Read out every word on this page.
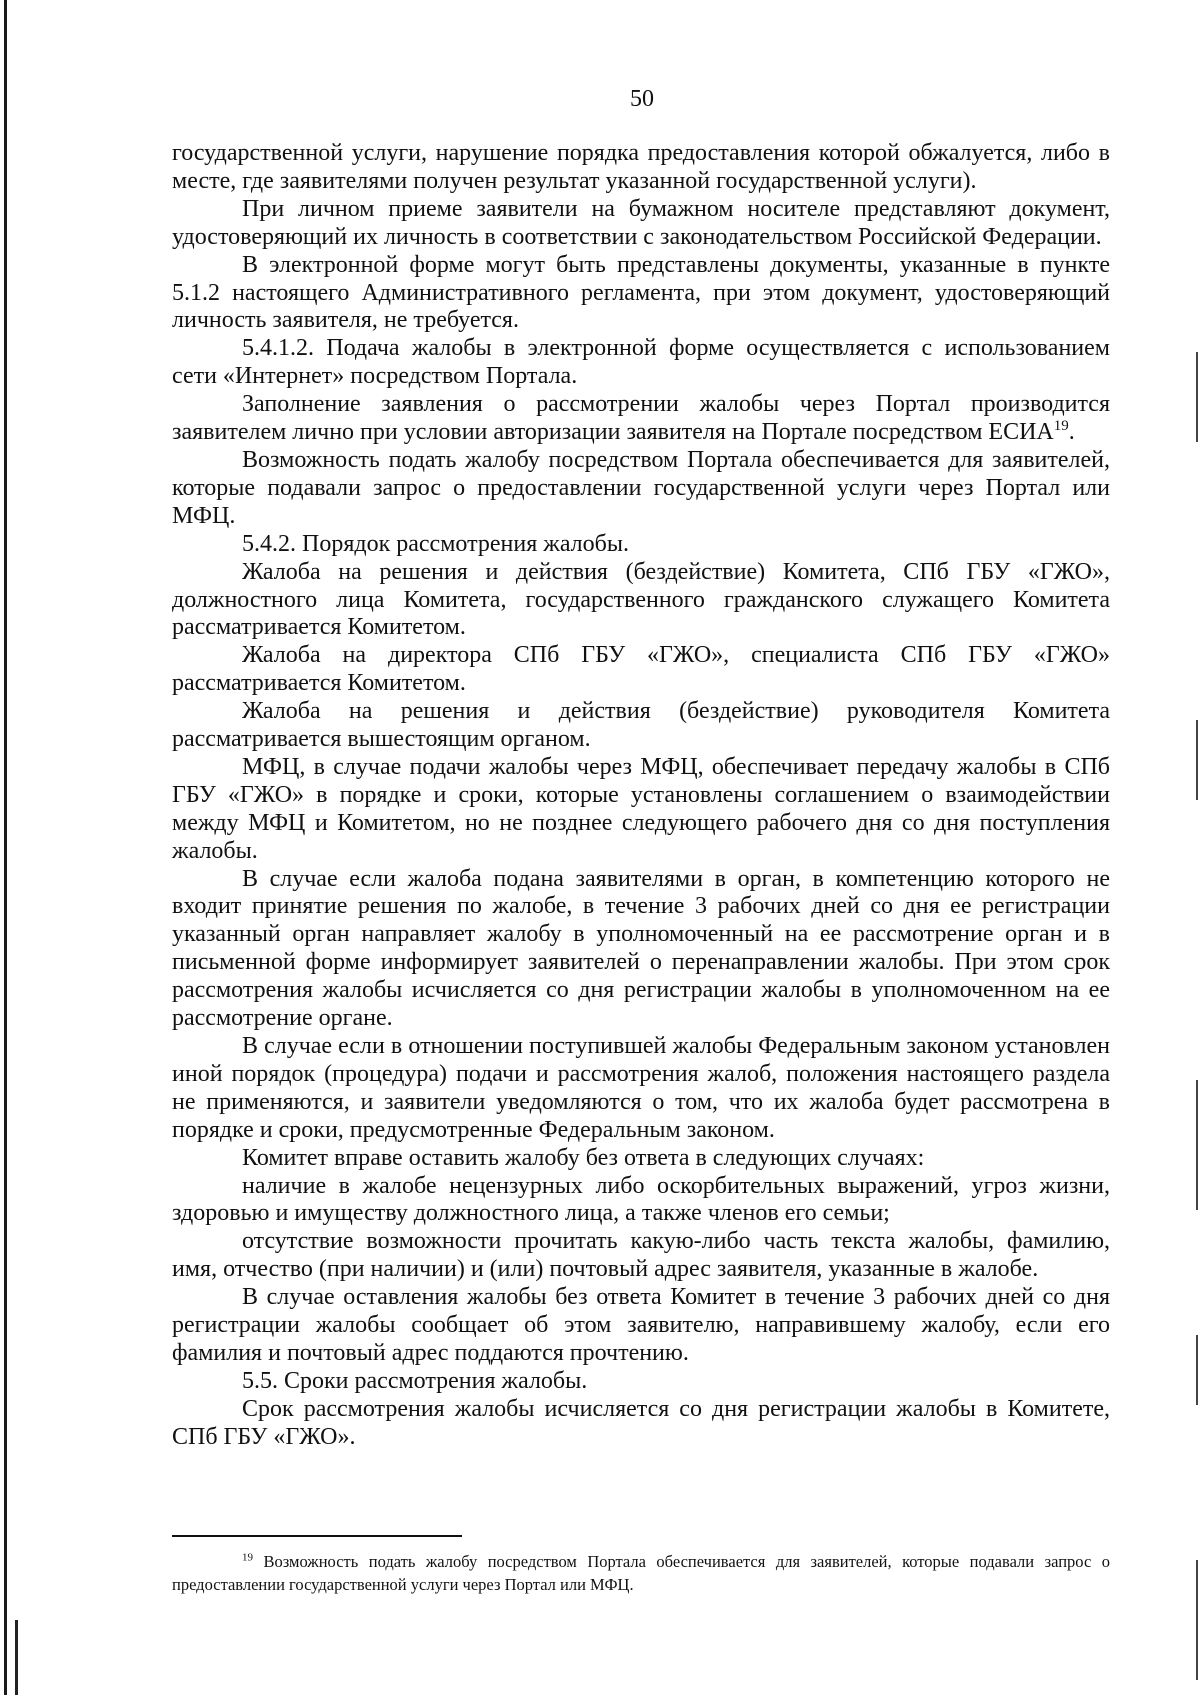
50

государственной услуги, нарушение порядка предоставления которой обжалуется, либо в месте, где заявителями получен результат указанной государственной услуги).

При личном приеме заявители на бумажном носителе представляют документ, удостоверяющий их личность в соответствии с законодательством Российской Федерации.

В электронной форме могут быть представлены документы, указанные в пункте 5.1.2 настоящего Административного регламента, при этом документ, удостоверяющий личность заявителя, не требуется.

5.4.1.2. Подача жалобы в электронной форме осуществляется с использованием сети «Интернет» посредством Портала.

Заполнение заявления о рассмотрении жалобы через Портал производится заявителем лично при условии авторизации заявителя на Портале посредством ЕСИА$^{19}$.

Возможность подать жалобу посредством Портала обеспечивается для заявителей, которые подавали запрос о предоставлении государственной услуги через Портал или МФЦ.

5.4.2. Порядок рассмотрения жалобы.

Жалоба на решения и действия (бездействие) Комитета, СПб ГБУ «ГЖО», должностного лица Комитета, государственного гражданского служащего Комитета рассматривается Комитетом.

Жалоба на директора СПб ГБУ «ГЖО», специалиста СПб ГБУ «ГЖО» рассматривается Комитетом.

Жалоба на решения и действия (бездействие) руководителя Комитета рассматривается вышестоящим органом.

МФЦ, в случае подачи жалобы через МФЦ, обеспечивает передачу жалобы в СПб ГБУ «ГЖО» в порядке и сроки, которые установлены соглашением о взаимодействии между МФЦ и Комитетом, но не позднее следующего рабочего дня со дня поступления жалобы.

В случае если жалоба подана заявителями в орган, в компетенцию которого не входит принятие решения по жалобе, в течение 3 рабочих дней со дня ее регистрации указанный орган направляет жалобу в уполномоченный на ее рассмотрение орган и в письменной форме информирует заявителей о перенаправлении жалобы. При этом срок рассмотрения жалобы исчисляется со дня регистрации жалобы в уполномоченном на ее рассмотрение органе.

В случае если в отношении поступившей жалобы Федеральным законом установлен иной порядок (процедура) подачи и рассмотрения жалоб, положения настоящего раздела не применяются, и заявители уведомляются о том, что их жалоба будет рассмотрена в порядке и сроки, предусмотренные Федеральным законом.

Комитет вправе оставить жалобу без ответа в следующих случаях:

наличие в жалобе нецензурных либо оскорбительных выражений, угроз жизни, здоровью и имуществу должностного лица, а также членов его семьи;

отсутствие возможности прочитать какую-либо часть текста жалобы, фамилию, имя, отчество (при наличии) и (или) почтовый адрес заявителя, указанные в жалобе.

В случае оставления жалобы без ответа Комитет в течение 3 рабочих дней со дня регистрации жалобы сообщает об этом заявителю, направившему жалобу, если его фамилия и почтовый адрес поддаются прочтению.

5.5. Сроки рассмотрения жалобы.

Срок рассмотрения жалобы исчисляется со дня регистрации жалобы в Комитете, СПб ГБУ «ГЖО».

$^{19}$ Возможность подать жалобу посредством Портала обеспечивается для заявителей, которые подавали запрос о предоставлении государственной услуги через Портал или МФЦ.
